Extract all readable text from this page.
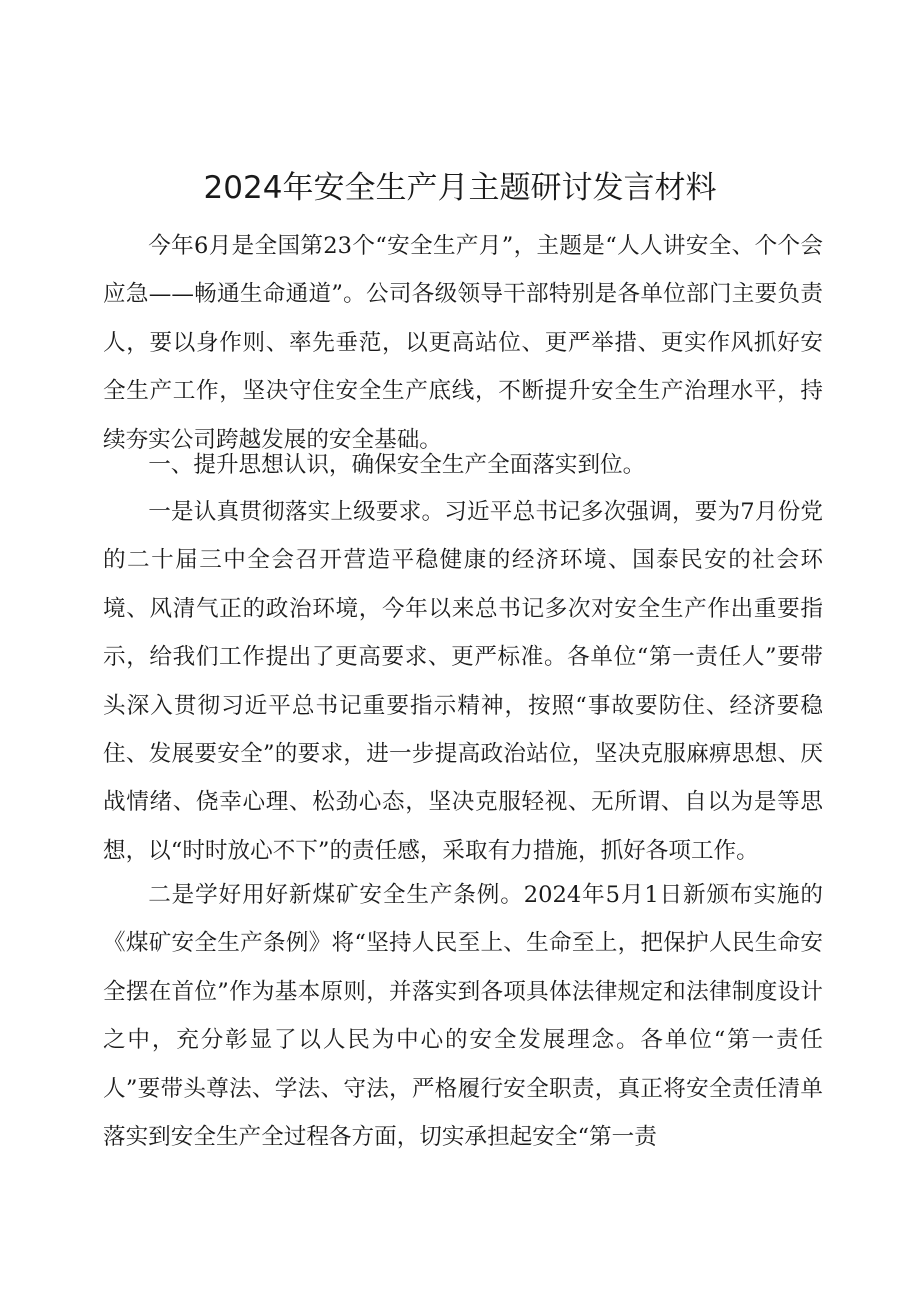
2024年安全生产月主题研讨发言材料

今年6月是全国第23个“安全生产月”，主题是“人人讲安全、个个会应急——畅通生命通道”。公司各级领导干部特别是各单位部门主要负责人，要以身作则、率先垂范，以更高站位、更严举措、更实作风抓好安全生产工作，坚决守住安全生产底线，不断提升安全生产治理水平，持续夯实公司跨越发展的安全基础。

一、提升思想认识，确保安全生产全面落实到位。

一是认真贯彻落实上级要求。习近平总书记多次强调，要为7月份党的二十届三中全会召开营造平稳健康的经济环境、国泰民安的社会环境、风清气正的政治环境，今年以来总书记多次对安全生产作出重要指示，给我们工作提出了更高要求、更严标准。各单位“第一责任人”要带头深入贯彻习近平总书记重要指示精神，按照“事故要防住、经济要稳住、发展要安全”的要求，进一步提高政治站位，坚决克服麻痹思想、厌战情绪、侥幸心理、松劲心态，坚决克服轻视、无所谓、自以为是等思想，以“时时放心不下”的责任感，采取有力措施，抓好各项工作。

二是学好用好新煤矿安全生产条例。2024年5月1日新颁布实施的《煤矿安全生产条例》将“坚持人民至上、生命至上，把保护人民生命安全摆在首位”作为基本原则，并落实到各项具体法律规定和法律制度设计之中，充分彰显了以人民为中心的安全发展理念。各单位“第一责任人”要带头尊法、学法、守法，严格履行安全职责，真正将安全责任清单落实到安全生产全过程各方面，切实承担起安全“第一责
